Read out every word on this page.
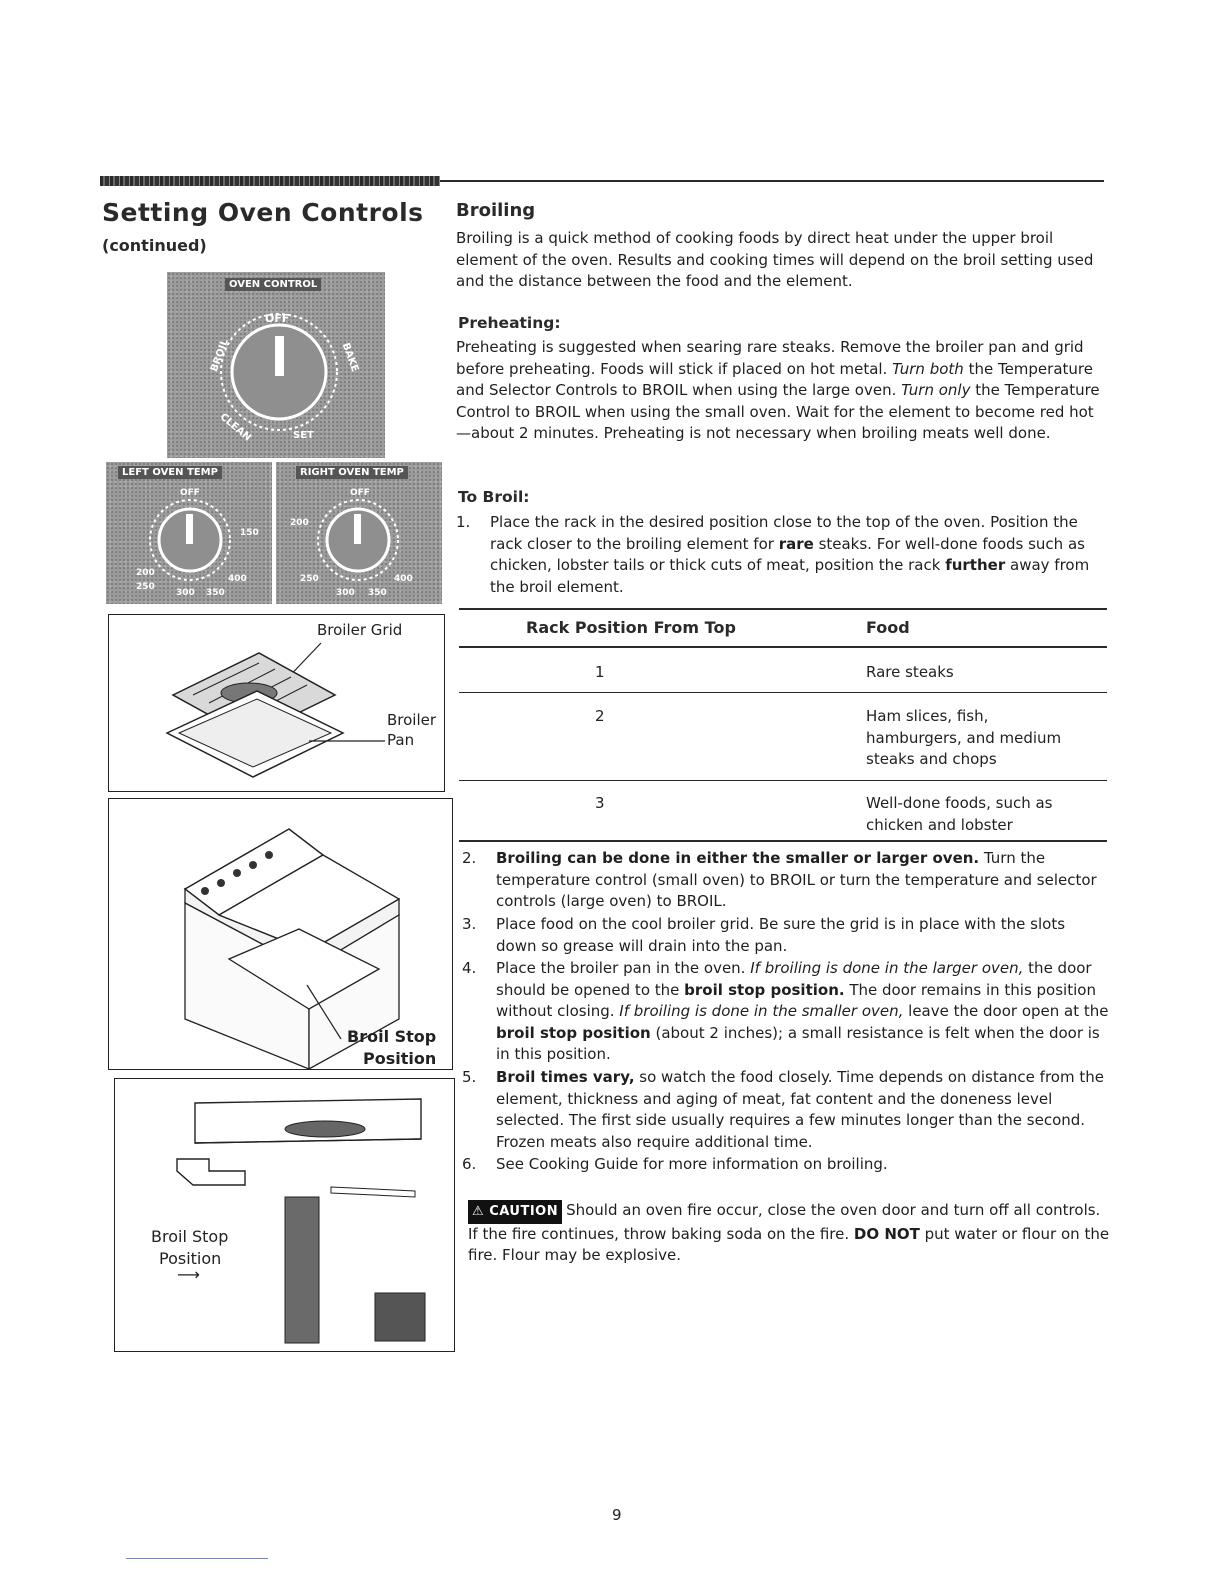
Setting Oven Controls
(continued)
OVEN CONTROL
OFF
BROIL	BAKE
CLEAN	SET
LEFT OVEN TEMP
OFF
150
200
250
300 350
400
RIGHT OVEN TEMP
OFF
200
250
300 350
400
Broiler Grid
Broiler
Pan
Broil Stop
Position
Broil Stop
Position
⟶
Broiling

Broiling is a quick method of cooking foods by direct heat under the upper broil element of the oven. Results and cooking times will depend on the broil setting used and the distance between the food and the element.

Preheating:

Preheating is suggested when searing rare steaks. Remove the broiler pan and grid before preheating. Foods will stick if placed on hot metal. Turn both the Temperature and Selector Controls to BROIL when using the large oven. Turn only the Temperature Control to BROIL when using the small oven. Wait for the element to become red hot—about 2 minutes. Preheating is not necessary when broiling meats well done.

To Broil:
1.	Place the rack in the desired position close to the top of the oven. Position the rack closer to the broiling element for rare steaks. For well-done foods such as chicken, lobster tails or thick cuts of meat, position the rack further away from the broil element.
Rack Position From Top	Food
1	Rare steaks
2	Ham slices, fish, hamburgers, and medium steaks and chops
3	Well-done foods, such as chicken and lobster
2.	Broiling can be done in either the smaller or larger oven. Turn the temperature control (small oven) to BROIL or turn the temperature and selector controls (large oven) to BROIL.
3.	Place food on the cool broiler grid. Be sure the grid is in place with the slots down so grease will drain into the pan.
4.	Place the broiler pan in the oven. If broiling is done in the larger oven, the door should be opened to the broil stop position. The door remains in this position without closing. If broiling is done in the smaller oven, leave the door open at the broil stop position (about 2 inches); a small resistance is felt when the door is in this position.
5.	Broil times vary, so watch the food closely. Time depends on distance from the element, thickness and aging of meat, fat content and the doneness level selected. The first side usually requires a few minutes longer than the second. Frozen meats also require additional time.
6.	See Cooking Guide for more information on broiling.

⚠ CAUTION Should an oven fire occur, close the oven door and turn off all controls. If the fire continues, throw baking soda on the fire. DO NOT put water or flour on the fire. Flour may be explosive.

9
